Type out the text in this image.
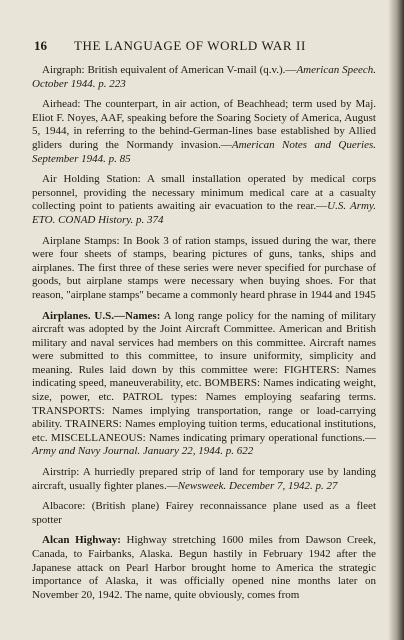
16 THE LANGUAGE OF WORLD WAR II

Airgraph: British equivalent of American V-mail (q.v.).—American Speech. October 1944. p. 223

Airhead: The counterpart, in air action, of Beachhead; term used by Maj. Eliot F. Noyes, AAF, speaking before the Soaring Society of America, August 5, 1944, in referring to the behind-German-lines base established by Allied gliders during the Normandy invasion.—American Notes and Queries. September 1944. p. 85

Air Holding Station: A small installation operated by medical corps personnel, providing the necessary minimum medical care at a casualty collecting point to patients awaiting air evacuation to the rear.—U.S. Army. ETO. CONAD History. p. 374

Airplane Stamps: In Book 3 of ration stamps, issued during the war, there were four sheets of stamps, bearing pictures of guns, tanks, ships and airplanes. The first three of these series were never specified for purchase of goods, but airplane stamps were necessary when buying shoes. For that reason, "airplane stamps" became a commonly heard phrase in 1944 and 1945

Airplanes. U.S.—Names: A long range policy for the naming of military aircraft was adopted by the Joint Aircraft Committee. American and British military and naval services had members on this committee. Aircraft names were submitted to this committee, to insure uniformity, simplicity and meaning. Rules laid down by this committee were: FIGHTERS: Names indicating speed, maneuverability, etc. BOMBERS: Names indicating weight, size, power, etc. PATROL types: Names employing seafaring terms. TRANSPORTS: Names implying transportation, range or load-carrying ability. TRAINERS: Names employing tuition terms, educational institutions, etc. MISCELLANEOUS: Names indicating primary operational functions.—Army and Navy Journal. January 22, 1944. p. 622

Airstrip: A hurriedly prepared strip of land for temporary use by landing aircraft, usually fighter planes.—Newsweek. December 7, 1942. p. 27

Albacore: (British plane) Fairey reconnaissance plane used as a fleet spotter

Alcan Highway: Highway stretching 1600 miles from Dawson Creek, Canada, to Fairbanks, Alaska. Begun hastily in February 1942 after the Japanese attack on Pearl Harbor brought home to America the strategic importance of Alaska, it was officially opened nine months later on November 20, 1942. The name, quite obviously, comes from
